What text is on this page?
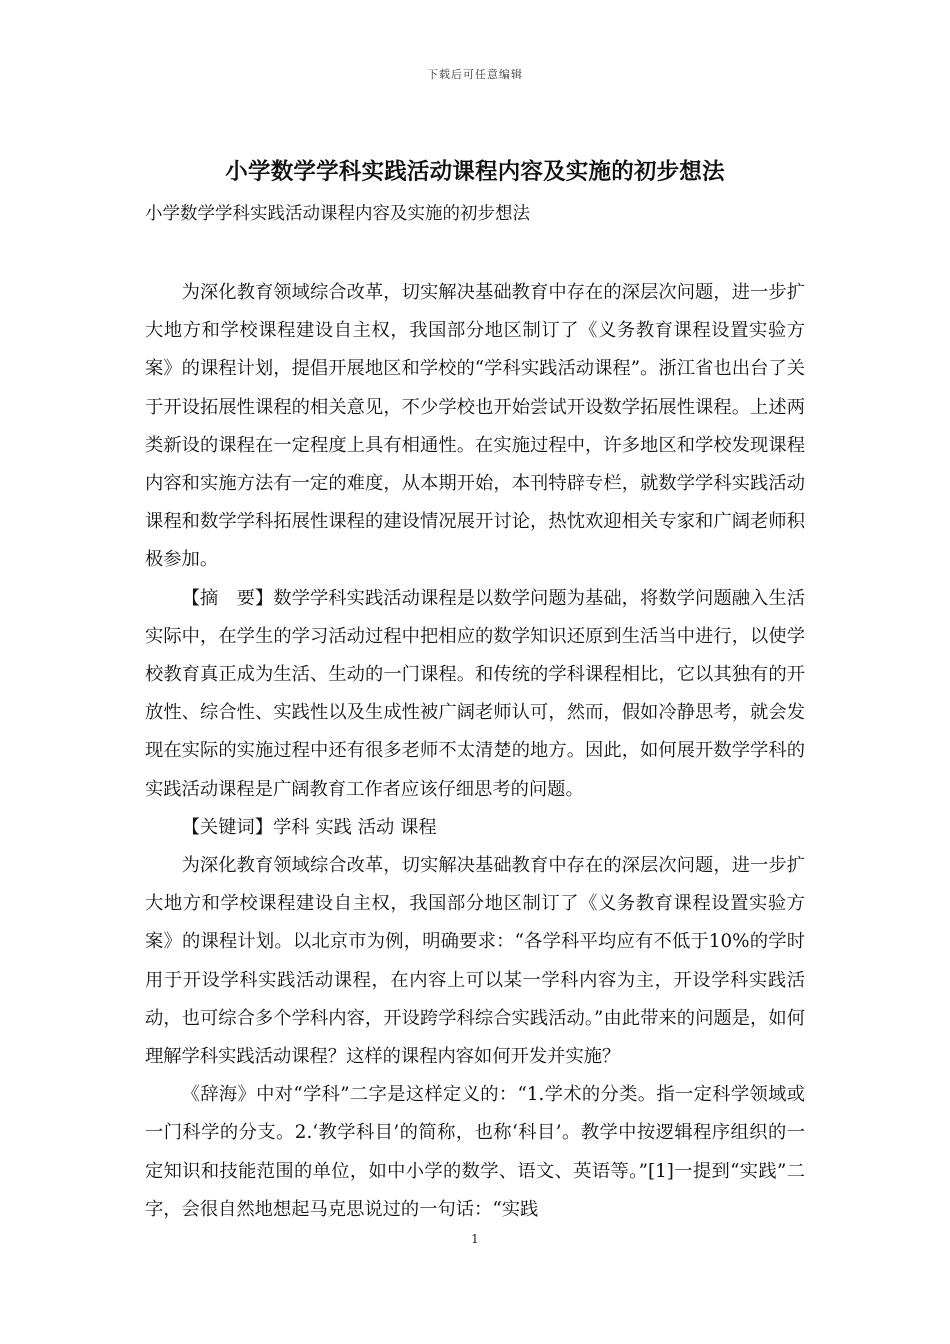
下载后可任意编辑
小学数学学科实践活动课程内容及实施的初步想法

小学数学学科实践活动课程内容及实施的初步想法

为深化教育领域综合改革，切实解决基础教育中存在的深层次问题，进一步扩大地方和学校课程建设自主权，我国部分地区制订了《义务教育课程设置实验方案》的课程计划，提倡开展地区和学校的“学科实践活动课程”。浙江省也出台了关于开设拓展性课程的相关意见，不少学校也开始尝试开设数学拓展性课程。上述两类新设的课程在一定程度上具有相通性。在实施过程中，许多地区和学校发现课程内容和实施方法有一定的难度，从本期开始，本刊特辟专栏，就数学学科实践活动课程和数学学科拓展性课程的建设情况展开讨论，热忱欢迎相关专家和广阔老师积极参加。

【摘　要】数学学科实践活动课程是以数学问题为基础，将数学问题融入生活实际中，在学生的学习活动过程中把相应的数学知识还原到生活当中进行，以使学校教育真正成为生活、生动的一门课程。和传统的学科课程相比，它以其独有的开放性、综合性、实践性以及生成性被广阔老师认可，然而，假如冷静思考，就会发现在实际的实施过程中还有很多老师不太清楚的地方。因此，如何展开数学学科的实践活动课程是广阔教育工作者应该仔细思考的问题。

【关键词】学科 实践 活动 课程

为深化教育领域综合改革，切实解决基础教育中存在的深层次问题，进一步扩大地方和学校课程建设自主权，我国部分地区制订了《义务教育课程设置实验方案》的课程计划。以北京市为例，明确要求：“各学科平均应有不低于10%的学时用于开设学科实践活动课程，在内容上可以某一学科内容为主，开设学科实践活动，也可综合多个学科内容，开设跨学科综合实践活动。”由此带来的问题是，如何理解学科实践活动课程？这样的课程内容如何开发并实施？

《辞海》中对“学科”二字是这样定义的：“1.学术的分类。指一定科学领域或一门科学的分支。2.‘教学科目’的简称，也称‘科目’。教学中按逻辑程序组织的一定知识和技能范围的单位，如中小学的数学、语文、英语等。”[1]一提到“实践”二字，会很自然地想起马克思说过的一句话：“实践

1
